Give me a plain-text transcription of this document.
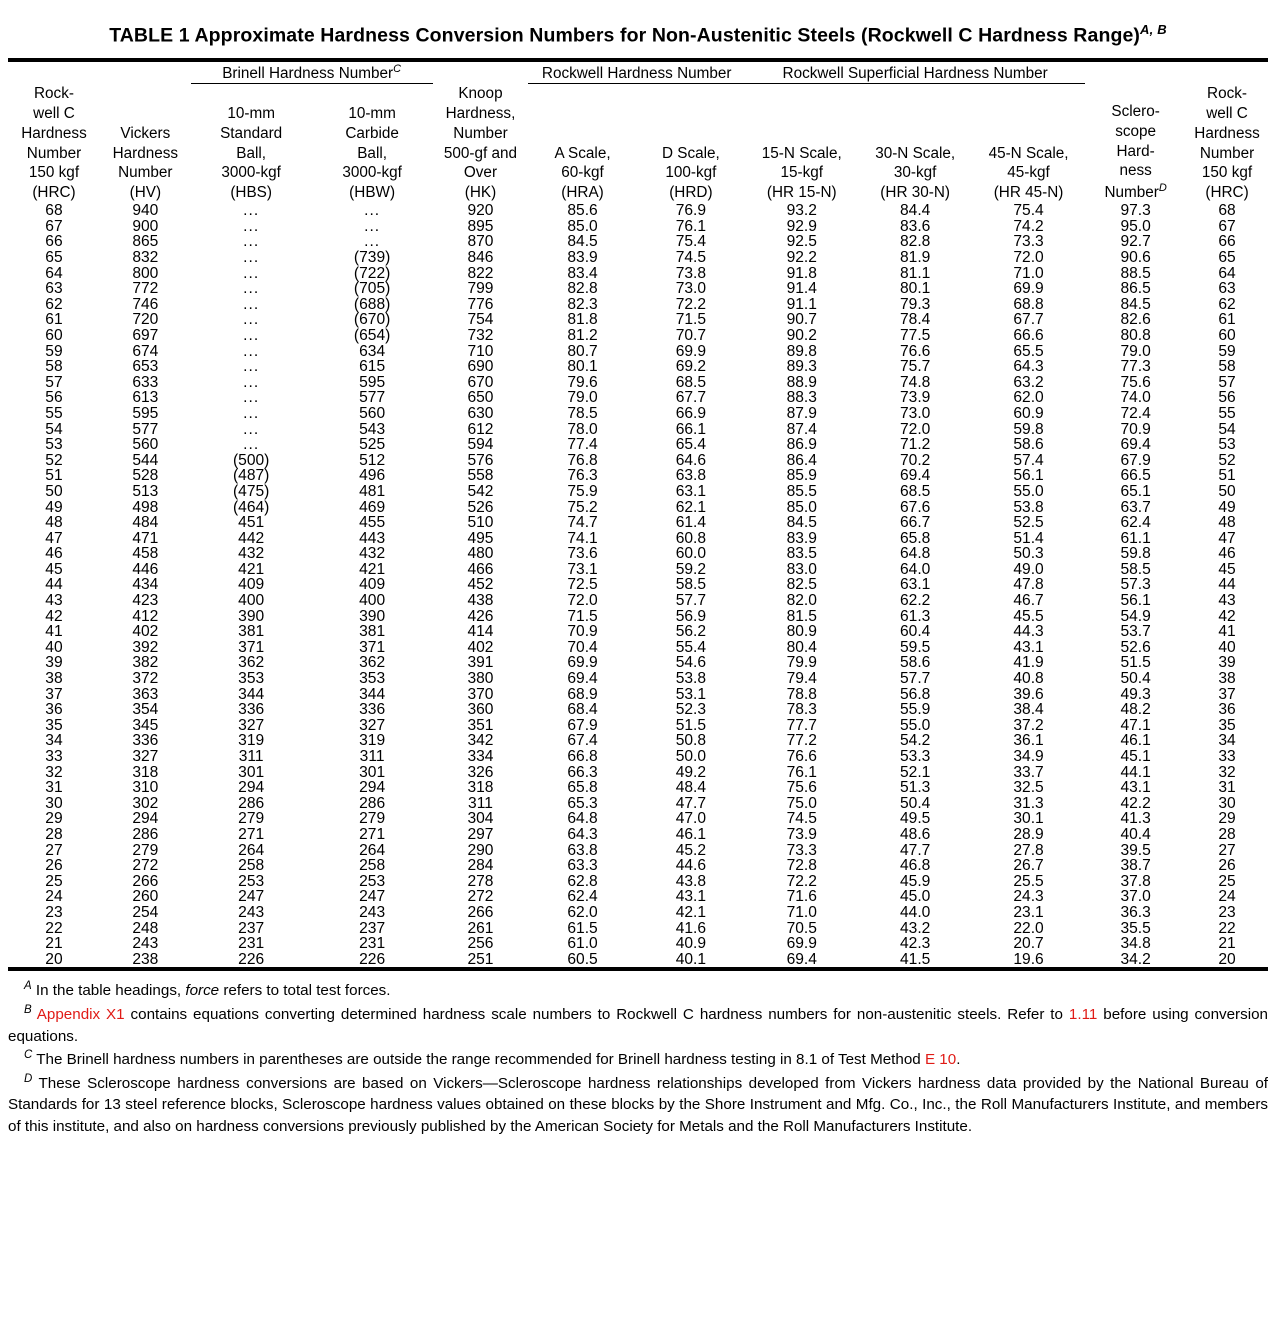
TABLE 1 Approximate Hardness Conversion Numbers for Non-Austenitic Steels (Rockwell C Hardness Range)$^{A, B}$
		Brinell Hardness Number$^C$			Rockwell Hardness Number		Rockwell Superficial Hardness Number				
Rock-
well C
Hardness
Number
150 kgf
(HRC)	Vickers
Hardness
Number
(HV)	10-mm
Standard
Ball,
3000-kgf
(HBS)	10-mm
Carbide
Ball,
3000-kgf
(HBW)	Knoop
Hardness,
Number
500-gf and
Over
(HK)	A Scale,
60-kgf
(HRA)	D Scale,
100-kgf
(HRD)	15-N Scale,
15-kgf
(HR 15-N)	30-N Scale,
30-kgf
(HR 30-N)	45-N Scale,
45-kgf
(HR 45-N)	Sclero-
scope
Hard-
ness
Number$^D$	Rock-
well C
Hardness
Number
150 kgf
(HRC)
68	940	...	...	920	85.6	76.9	93.2	84.4	75.4	97.3	68
67	900	...	...	895	85.0	76.1	92.9	83.6	74.2	95.0	67
66	865	...	...	870	84.5	75.4	92.5	82.8	73.3	92.7	66
65	832	...	(739)	846	83.9	74.5	92.2	81.9	72.0	90.6	65
64	800	...	(722)	822	83.4	73.8	91.8	81.1	71.0	88.5	64
63	772	...	(705)	799	82.8	73.0	91.4	80.1	69.9	86.5	63
62	746	...	(688)	776	82.3	72.2	91.1	79.3	68.8	84.5	62
61	720	...	(670)	754	81.8	71.5	90.7	78.4	67.7	82.6	61
60	697	...	(654)	732	81.2	70.7	90.2	77.5	66.6	80.8	60
59	674	...	634	710	80.7	69.9	89.8	76.6	65.5	79.0	59
58	653	...	615	690	80.1	69.2	89.3	75.7	64.3	77.3	58
57	633	...	595	670	79.6	68.5	88.9	74.8	63.2	75.6	57
56	613	...	577	650	79.0	67.7	88.3	73.9	62.0	74.0	56
55	595	...	560	630	78.5	66.9	87.9	73.0	60.9	72.4	55
54	577	...	543	612	78.0	66.1	87.4	72.0	59.8	70.9	54
53	560	...	525	594	77.4	65.4	86.9	71.2	58.6	69.4	53
52	544	(500)	512	576	76.8	64.6	86.4	70.2	57.4	67.9	52
51	528	(487)	496	558	76.3	63.8	85.9	69.4	56.1	66.5	51
50	513	(475)	481	542	75.9	63.1	85.5	68.5	55.0	65.1	50
49	498	(464)	469	526	75.2	62.1	85.0	67.6	53.8	63.7	49
48	484	451	455	510	74.7	61.4	84.5	66.7	52.5	62.4	48
47	471	442	443	495	74.1	60.8	83.9	65.8	51.4	61.1	47
46	458	432	432	480	73.6	60.0	83.5	64.8	50.3	59.8	46
45	446	421	421	466	73.1	59.2	83.0	64.0	49.0	58.5	45
44	434	409	409	452	72.5	58.5	82.5	63.1	47.8	57.3	44
43	423	400	400	438	72.0	57.7	82.0	62.2	46.7	56.1	43
42	412	390	390	426	71.5	56.9	81.5	61.3	45.5	54.9	42
41	402	381	381	414	70.9	56.2	80.9	60.4	44.3	53.7	41
40	392	371	371	402	70.4	55.4	80.4	59.5	43.1	52.6	40
39	382	362	362	391	69.9	54.6	79.9	58.6	41.9	51.5	39
38	372	353	353	380	69.4	53.8	79.4	57.7	40.8	50.4	38
37	363	344	344	370	68.9	53.1	78.8	56.8	39.6	49.3	37
36	354	336	336	360	68.4	52.3	78.3	55.9	38.4	48.2	36
35	345	327	327	351	67.9	51.5	77.7	55.0	37.2	47.1	35
34	336	319	319	342	67.4	50.8	77.2	54.2	36.1	46.1	34
33	327	311	311	334	66.8	50.0	76.6	53.3	34.9	45.1	33
32	318	301	301	326	66.3	49.2	76.1	52.1	33.7	44.1	32
31	310	294	294	318	65.8	48.4	75.6	51.3	32.5	43.1	31
30	302	286	286	311	65.3	47.7	75.0	50.4	31.3	42.2	30
29	294	279	279	304	64.8	47.0	74.5	49.5	30.1	41.3	29
28	286	271	271	297	64.3	46.1	73.9	48.6	28.9	40.4	28
27	279	264	264	290	63.8	45.2	73.3	47.7	27.8	39.5	27
26	272	258	258	284	63.3	44.6	72.8	46.8	26.7	38.7	26
25	266	253	253	278	62.8	43.8	72.2	45.9	25.5	37.8	25
24	260	247	247	272	62.4	43.1	71.6	45.0	24.3	37.0	24
23	254	243	243	266	62.0	42.1	71.0	44.0	23.1	36.3	23
22	248	237	237	261	61.5	41.6	70.5	43.2	22.0	35.5	22
21	243	231	231	256	61.0	40.9	69.9	42.3	20.7	34.8	21
20	238	226	226	251	60.5	40.1	69.4	41.5	19.6	34.2	20

$^A$ In the table headings, force refers to total test forces.

$^B$ Appendix X1 contains equations converting determined hardness scale numbers to Rockwell C hardness numbers for non-austenitic steels. Refer to 1.11 before using conversion equations.

$^C$ The Brinell hardness numbers in parentheses are outside the range recommended for Brinell hardness testing in 8.1 of Test Method E 10.

$^D$ These Scleroscope hardness conversions are based on Vickers—Scleroscope hardness relationships developed from Vickers hardness data provided by the National Bureau of Standards for 13 steel reference blocks, Scleroscope hardness values obtained on these blocks by the Shore Instrument and Mfg. Co., Inc., the Roll Manufacturers Institute, and members of this institute, and also on hardness conversions previously published by the American Society for Metals and the Roll Manufacturers Institute.
